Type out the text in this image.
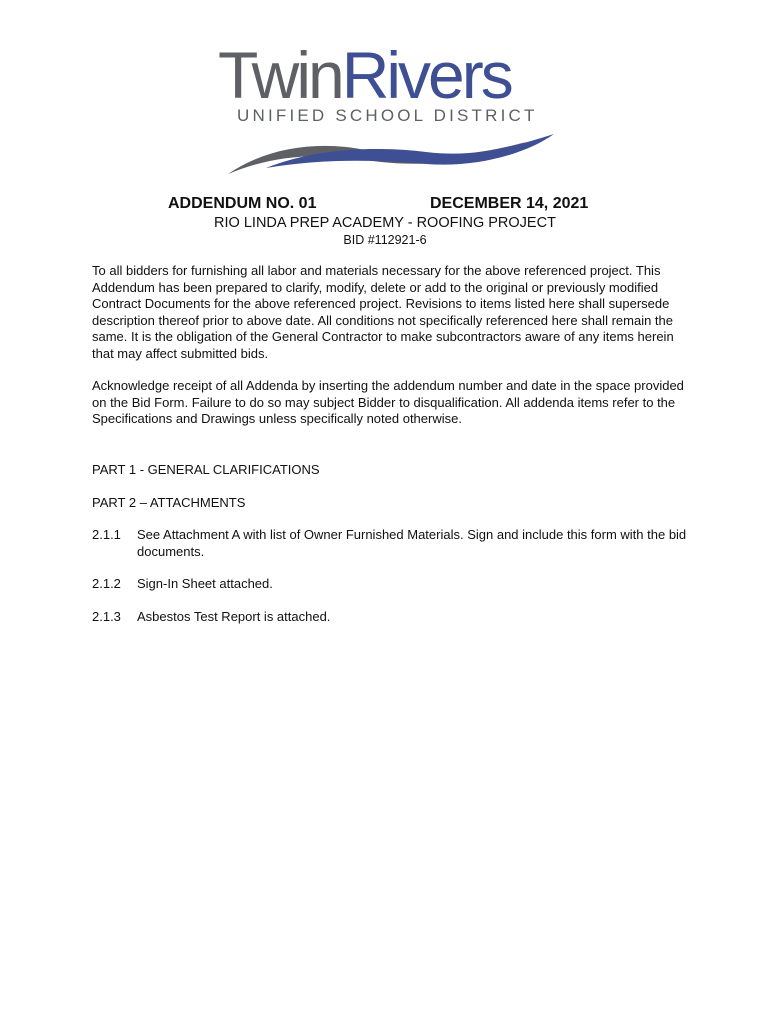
TwinRivers
UNIFIED SCHOOL DISTRICT
ADDENDUM NO. 01	DECEMBER 14, 2021
RIO LINDA PREP ACADEMY - ROOFING PROJECT
BID #112921-6

To all bidders for furnishing all labor and materials necessary for the above referenced project. This Addendum has been prepared to clarify, modify, delete or add to the original or previously modified Contract Documents for the above referenced project. Revisions to items listed here shall supersede description thereof prior to above date. All conditions not specifically referenced here shall remain the same. It is the obligation of the General Contractor to make subcontractors aware of any items herein that may affect submitted bids.

Acknowledge receipt of all Addenda by inserting the addendum number and date in the space provided on the Bid Form. Failure to do so may subject Bidder to disqualification. All addenda items refer to the Specifications and Drawings unless specifically noted otherwise.

PART 1 - GENERAL CLARIFICATIONS
PART 2 – ATTACHMENTS
2.1.1 See Attachment A with list of Owner Furnished Materials. Sign and include this form with the bid documents.
2.1.2 Sign-In Sheet attached.
2.1.3 Asbestos Test Report is attached.
